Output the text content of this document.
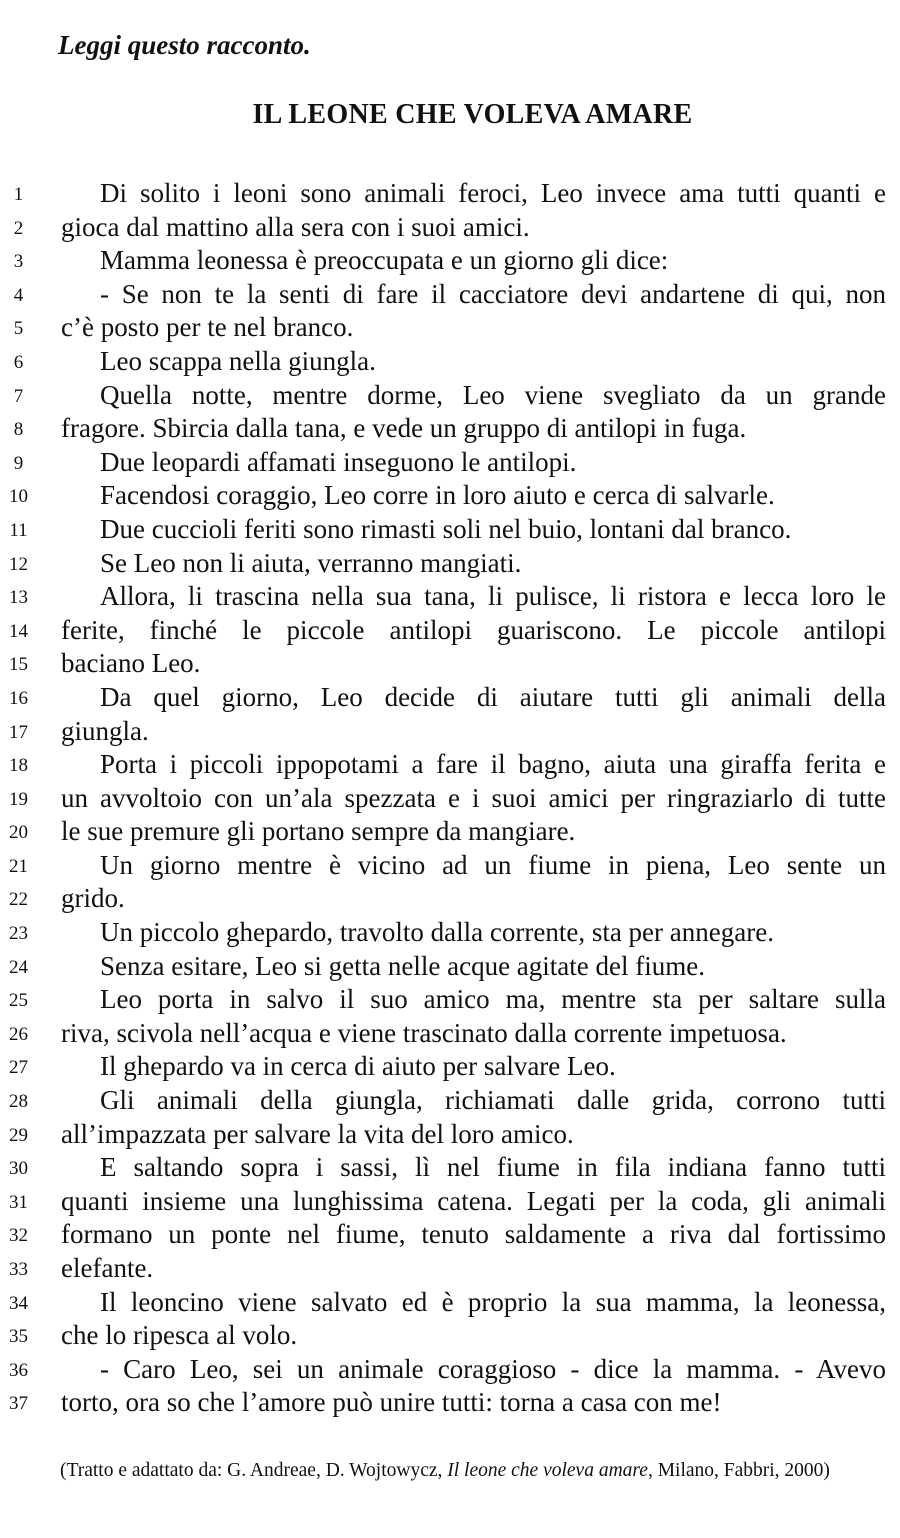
Leggi questo racconto.
IL LEONE CHE VOLEVA AMARE
1	Di solito i leoni sono animali feroci, Leo invece ama tutti quanti e
2	gioca dal mattino alla sera con i suoi amici.
3	Mamma leonessa è preoccupata e un giorno gli dice:
4	- Se non te la senti di fare il cacciatore devi andartene di qui, non
5	c’è posto per te nel branco.
6	Leo scappa nella giungla.
7	Quella notte, mentre dorme, Leo viene svegliato da un grande
8	fragore. Sbircia dalla tana, e vede un gruppo di antilopi in fuga.
9	Due leopardi affamati inseguono le antilopi.
10	Facendosi coraggio, Leo corre in loro aiuto e cerca di salvarle.
11	Due cuccioli feriti sono rimasti soli nel buio, lontani dal branco.
12	Se Leo non li aiuta, verranno mangiati.
13	Allora, li trascina nella sua tana, li pulisce, li ristora e lecca loro le
14	ferite, finché le piccole antilopi guariscono. Le piccole antilopi
15	baciano Leo.
16	Da quel giorno, Leo decide di aiutare tutti gli animali della
17	giungla.
18	Porta i piccoli ippopotami a fare il bagno, aiuta una giraffa ferita e
19	un avvoltoio con un’ala spezzata e i suoi amici per ringraziarlo di tutte
20	le sue premure gli portano sempre da mangiare.
21	Un giorno mentre è vicino ad un fiume in piena, Leo sente un
22	grido.
23	Un piccolo ghepardo, travolto dalla corrente, sta per annegare.
24	Senza esitare, Leo si getta nelle acque agitate del fiume.
25	Leo porta in salvo il suo amico ma, mentre sta per saltare sulla
26	riva, scivola nell’acqua e viene trascinato dalla corrente impetuosa.
27	Il ghepardo va in cerca di aiuto per salvare Leo.
28	Gli animali della giungla, richiamati dalle grida, corrono tutti
29	all’impazzata per salvare la vita del loro amico.
30	E saltando sopra i sassi, lì nel fiume in fila indiana fanno tutti
31	quanti insieme una lunghissima catena. Legati per la coda, gli animali
32	formano un ponte nel fiume, tenuto saldamente a riva dal fortissimo
33	elefante.
34	Il leoncino viene salvato ed è proprio la sua mamma, la leonessa,
35	che lo ripesca al volo.
36	- Caro Leo, sei un animale coraggioso - dice la mamma. - Avevo
37	torto, ora so che l’amore può unire tutti: torna a casa con me!
(Tratto e adattato da: G. Andreae, D. Wojtowycz, Il leone che voleva amare, Milano, Fabbri, 2000)
